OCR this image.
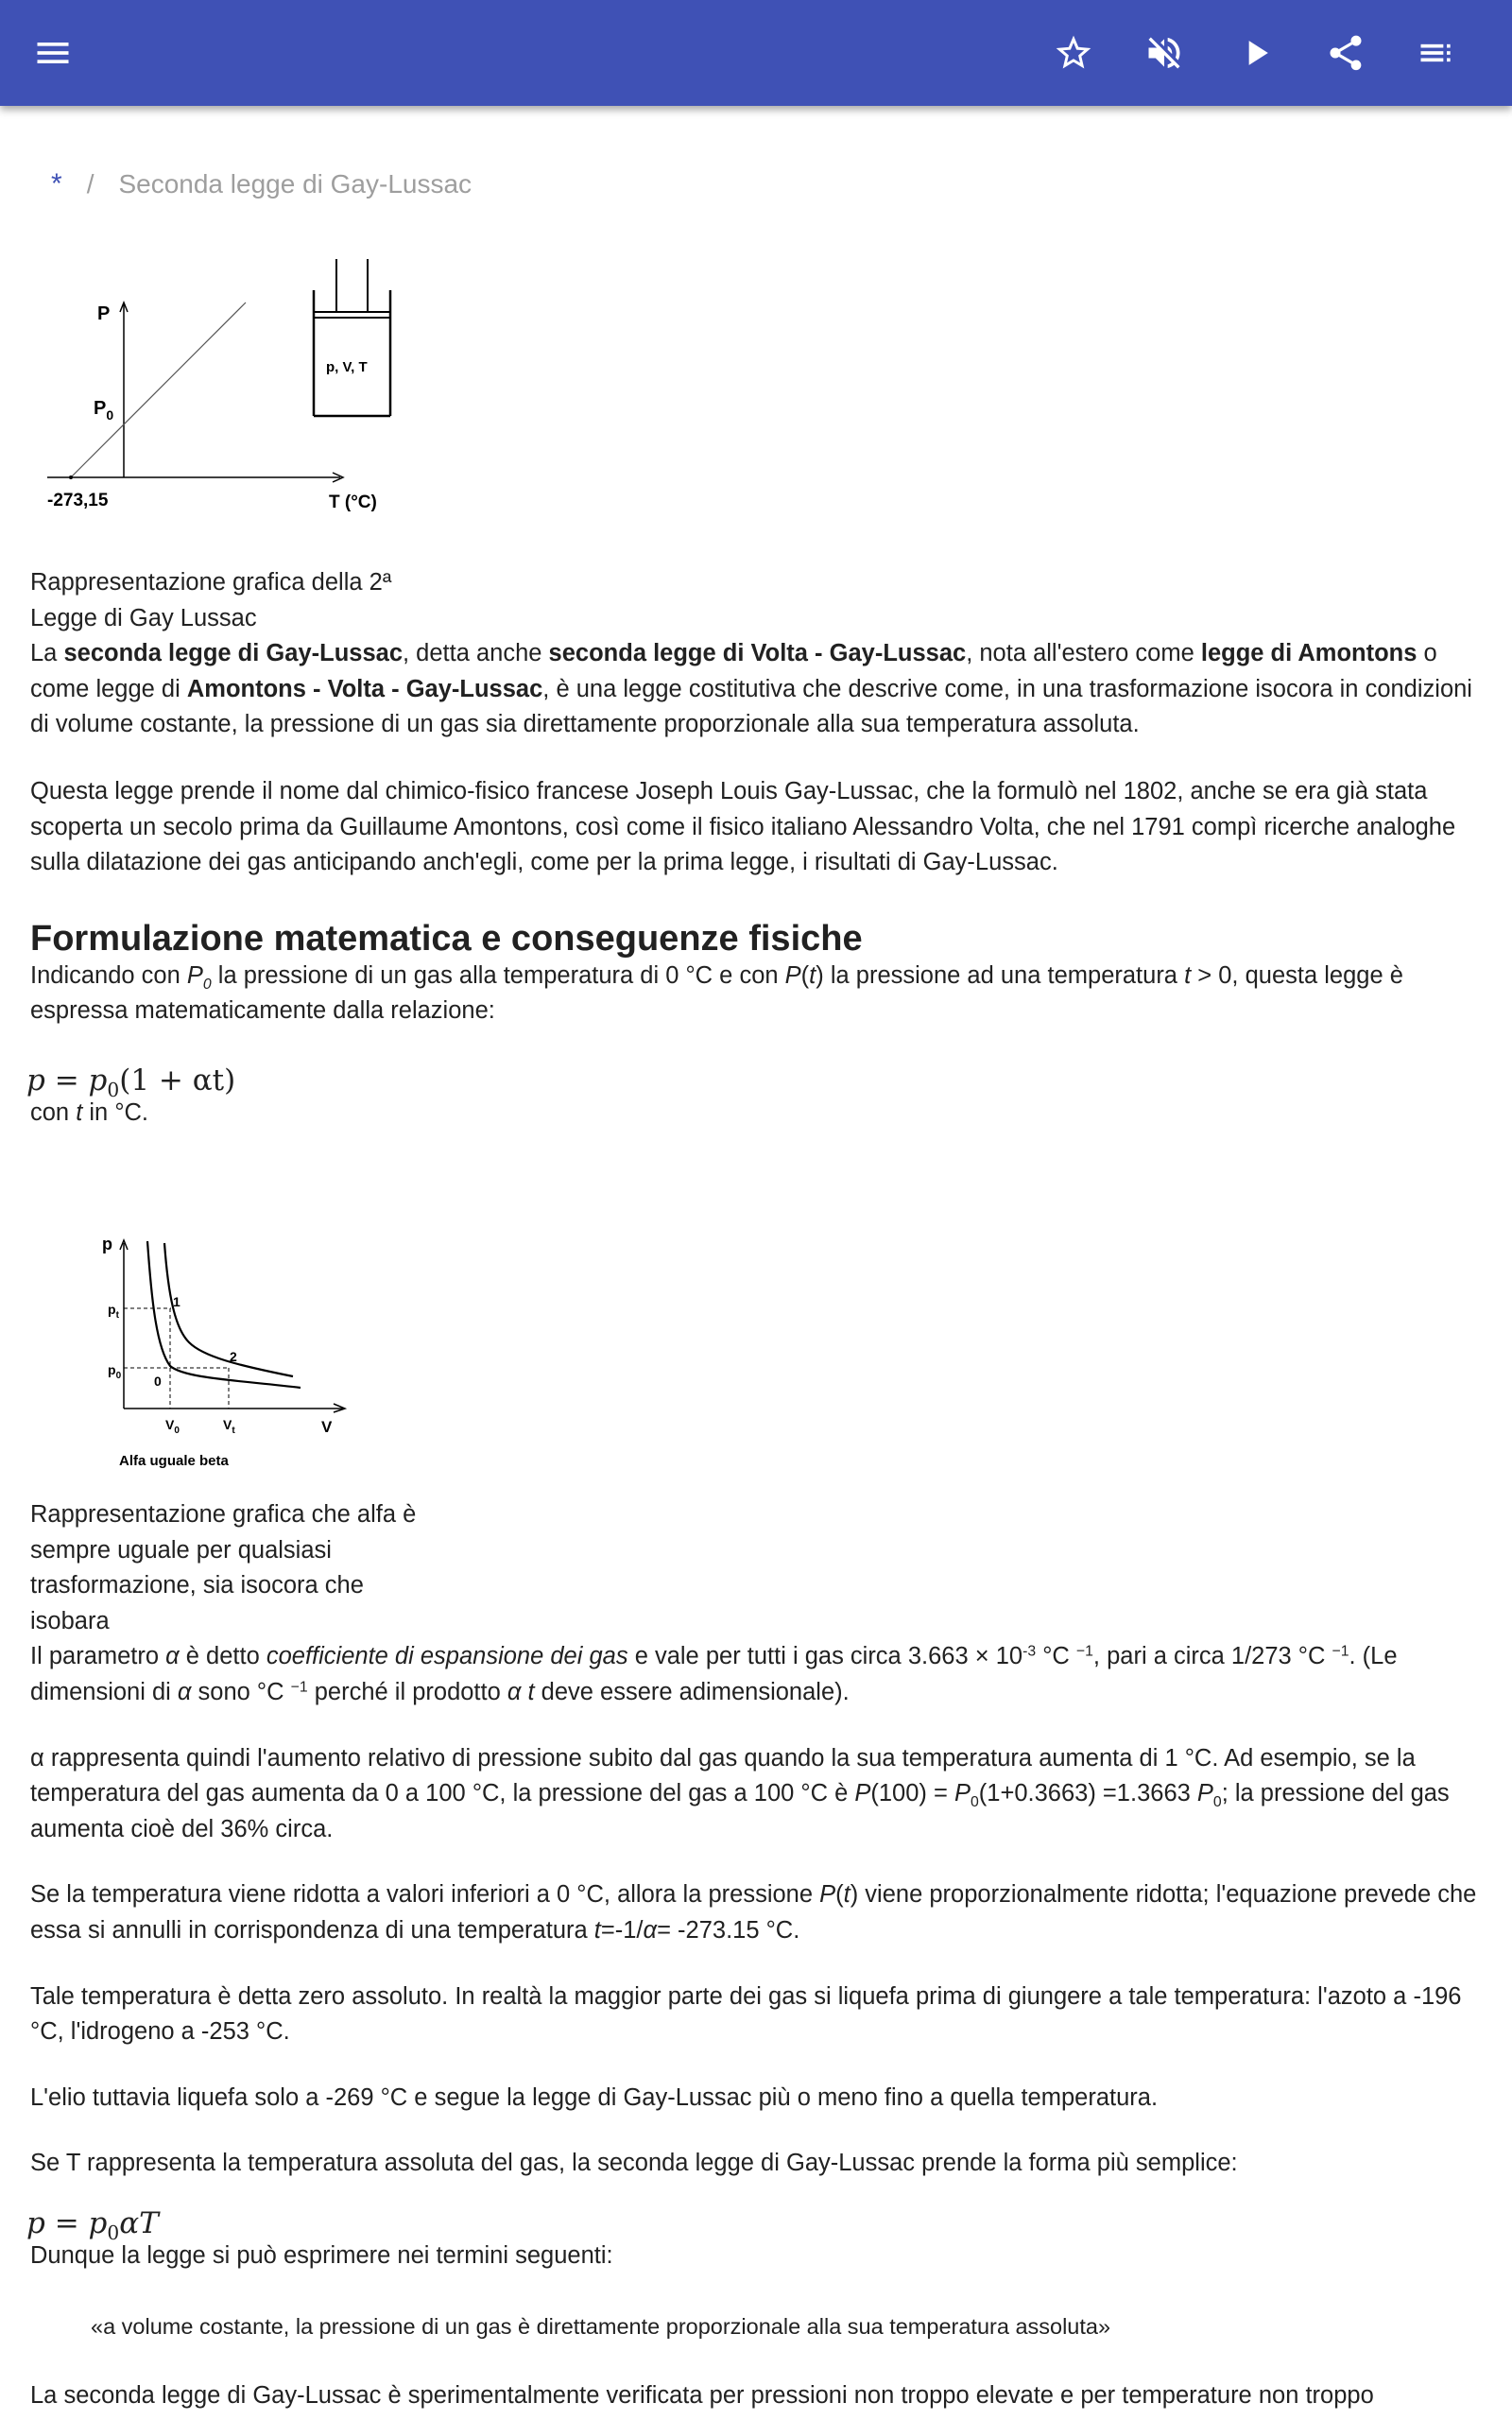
* / Seconda legge di Gay-Lussac
P
$P_0$
-273,15	T (°C)
p, V, T

Rappresentazione grafica della 2ª

Legge di Gay Lussac

La seconda legge di Gay-Lussac, detta anche seconda legge di Volta - Gay-Lussac, nota all'estero come legge di Amontons o come legge di Amontons - Volta - Gay-Lussac, è una legge costitutiva che descrive come, in una trasformazione isocora in condizioni di volume costante, la pressione di un gas sia direttamente proporzionale alla sua temperatura assoluta.

Questa legge prende il nome dal chimico-fisico francese Joseph Louis Gay-Lussac, che la formulò nel 1802, anche se era già stata scoperta un secolo prima da Guillaume Amontons, così come il fisico italiano Alessandro Volta, che nel 1791 compì ricerche analoghe sulla dilatazione dei gas anticipando anch'egli, come per la prima legge, i risultati di Gay-Lussac.

Formulazione matematica e conseguenze fisiche

Indicando con $P_0$ la pressione di un gas alla temperatura di 0 °C e con P(t) la pressione ad una temperatura t > 0, questa legge è espressa matematicamente dalla relazione:

$p = p_0(1 + \alpha t)$

con t in °C.

p
$p_t$
$p_0$ 0
1
2
$V_0$	$V_t$	V
Alfa uguale beta

Rappresentazione grafica che alfa è

sempre uguale per qualsiasi

trasformazione, sia isocora che

isobara

Il parametro α è detto coefficiente di espansione dei gas e vale per tutti i gas circa $3.663 \times 10^{-3}$ °C $^{-1}$, pari a circa 1/273 °C $^{-1}$. (Le dimensioni di α sono °C $^{-1}$ perché il prodotto α t deve essere adimensionale).

α rappresenta quindi l'aumento relativo di pressione subito dal gas quando la sua temperatura aumenta di 1 °C. Ad esempio, se la temperatura del gas aumenta da 0 a 100 °C, la pressione del gas a 100 °C è $P(100) = P_0(1+0.3663) =1.3663$ $P_0$; la pressione del gas aumenta cioè del 36% circa.

Se la temperatura viene ridotta a valori inferiori a 0 °C, allora la pressione P(t) viene proporzionalmente ridotta; l'equazione prevede che essa si annulli in corrispondenza di una temperatura t=-1/α= -273.15 °C.

Tale temperatura è detta zero assoluto. In realtà la maggior parte dei gas si liquefa prima di giungere a tale temperatura: l'azoto a -196 °C, l'idrogeno a -253 °C.

L'elio tuttavia liquefa solo a -269 °C e segue la legge di Gay-Lussac più o meno fino a quella temperatura.

Se T rappresenta la temperatura assoluta del gas, la seconda legge di Gay-Lussac prende la forma più semplice:

$p = p_0\alpha T$

Dunque la legge si può esprimere nei termini seguenti:

«a volume costante, la pressione di un gas è direttamente proporzionale alla sua temperatura assoluta»

La seconda legge di Gay-Lussac è sperimentalmente verificata per pressioni non troppo elevate e per temperature non troppo
